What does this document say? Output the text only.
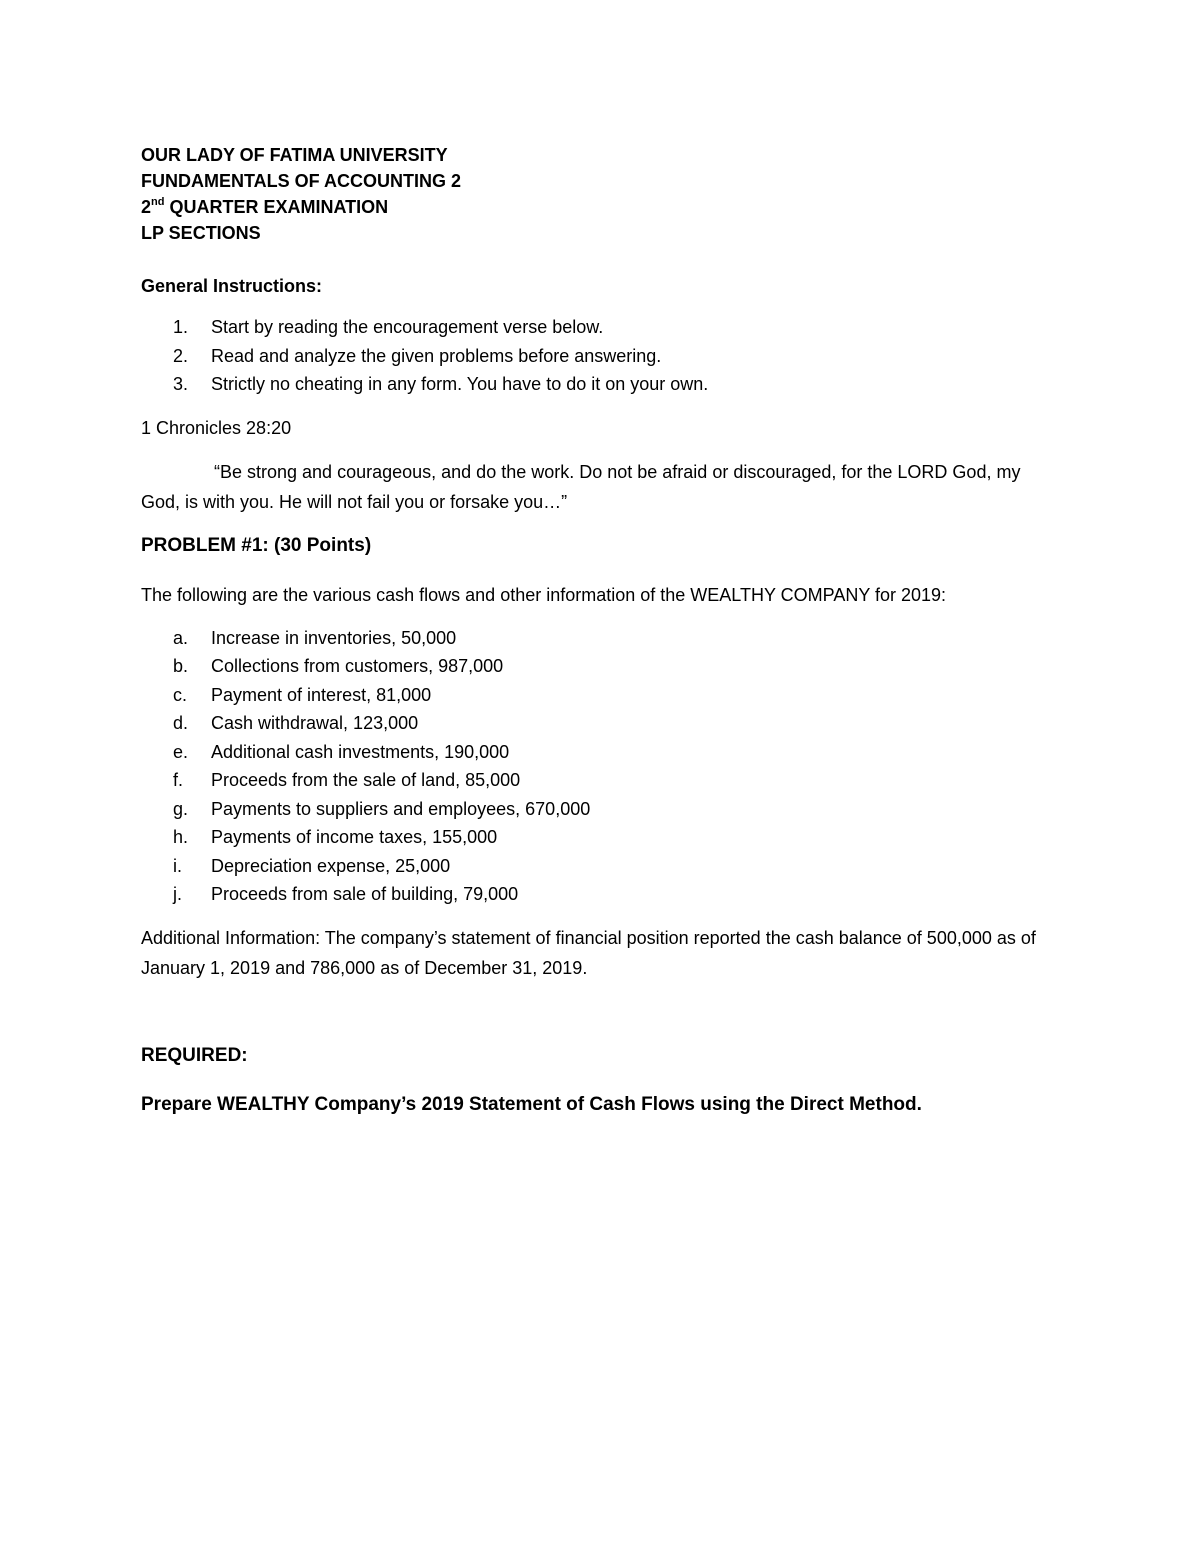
OUR LADY OF FATIMA UNIVERSITY

FUNDAMENTALS OF ACCOUNTING 2

2nd QUARTER EXAMINATION

LP SECTIONS

General Instructions:

1. Start by reading the encouragement verse below.
2. Read and analyze the given problems before answering.
3. Strictly no cheating in any form. You have to do it on your own.

1 Chronicles 28:20

“Be strong and courageous, and do the work. Do not be afraid or discouraged, for the LORD God, my God, is with you. He will not fail you or forsake you…”

PROBLEM #1: (30 Points)

The following are the various cash flows and other information of the WEALTHY COMPANY for 2019:

a. Increase in inventories, 50,000
b. Collections from customers, 987,000
c. Payment of interest, 81,000
d. Cash withdrawal, 123,000
e. Additional cash investments, 190,000
f. Proceeds from the sale of land, 85,000
g. Payments to suppliers and employees, 670,000
h. Payments of income taxes, 155,000
i. Depreciation expense, 25,000
j. Proceeds from sale of building, 79,000

Additional Information: The company’s statement of financial position reported the cash balance of 500,000 as of January 1, 2019 and 786,000 as of December 31, 2019.

REQUIRED:

Prepare WEALTHY Company’s 2019 Statement of Cash Flows using the Direct Method.
